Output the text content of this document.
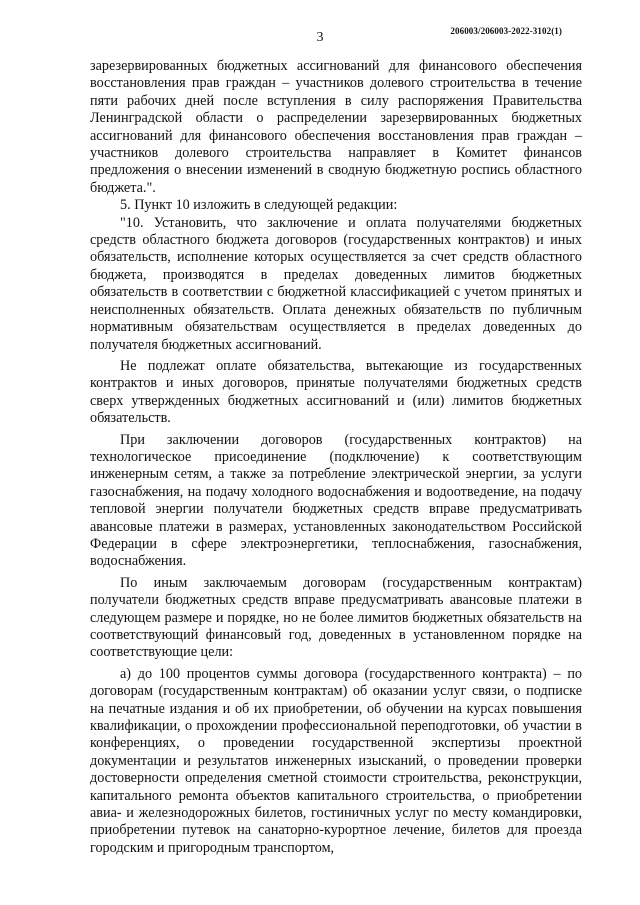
206003/206003-2022-3102(1)
3

зарезервированных бюджетных ассигнований для финансового обеспечения восстановления прав граждан – участников долевого строительства в течение пяти рабочих дней после вступления в силу распоряжения Правительства Ленинградской области о распределении зарезервированных бюджетных ассигнований для финансового обеспечения восстановления прав граждан – участников долевого строительства направляет в Комитет финансов предложения о внесении изменений в сводную бюджетную роспись областного бюджета.".

5. Пункт 10 изложить в следующей редакции:

"10. Установить, что заключение и оплата получателями бюджетных средств областного бюджета договоров (государственных контрактов) и иных обязательств, исполнение которых осуществляется за счет средств областного бюджета, производятся в пределах доведенных лимитов бюджетных обязательств в соответствии с бюджетной классификацией с учетом принятых и неисполненных обязательств. Оплата денежных обязательств по публичным нормативным обязательствам осуществляется в пределах доведенных до получателя бюджетных ассигнований.

Не подлежат оплате обязательства, вытекающие из государственных контрактов и иных договоров, принятые получателями бюджетных средств сверх утвержденных бюджетных ассигнований и (или) лимитов бюджетных обязательств.

При заключении договоров (государственных контрактов) на технологическое присоединение (подключение) к соответствующим инженерным сетям, а также за потребление электрической энергии, за услуги газоснабжения, на подачу холодного водоснабжения и водоотведение, на подачу тепловой энергии получатели бюджетных средств вправе предусматривать авансовые платежи в размерах, установленных законодательством Российской Федерации в сфере электроэнергетики, теплоснабжения, газоснабжения, водоснабжения.

По иным заключаемым договорам (государственным контрактам) получатели бюджетных средств вправе предусматривать авансовые платежи в следующем размере и порядке, но не более лимитов бюджетных обязательств на соответствующий финансовый год, доведенных в установленном порядке на соответствующие цели:

а) до 100 процентов суммы договора (государственного контракта) – по договорам (государственным контрактам) об оказании услуг связи, о подписке на печатные издания и об их приобретении, об обучении на курсах повышения квалификации, о прохождении профессиональной переподготовки, об участии в конференциях, о проведении государственной экспертизы проектной документации и результатов инженерных изысканий, о проведении проверки достоверности определения сметной стоимости строительства, реконструкции, капитального ремонта объектов капитального строительства, о приобретении авиа- и железнодорожных билетов, гостиничных услуг по месту командировки, приобретении путевок на санаторно-курортное лечение, билетов для проезда городским и пригородным транспортом,
